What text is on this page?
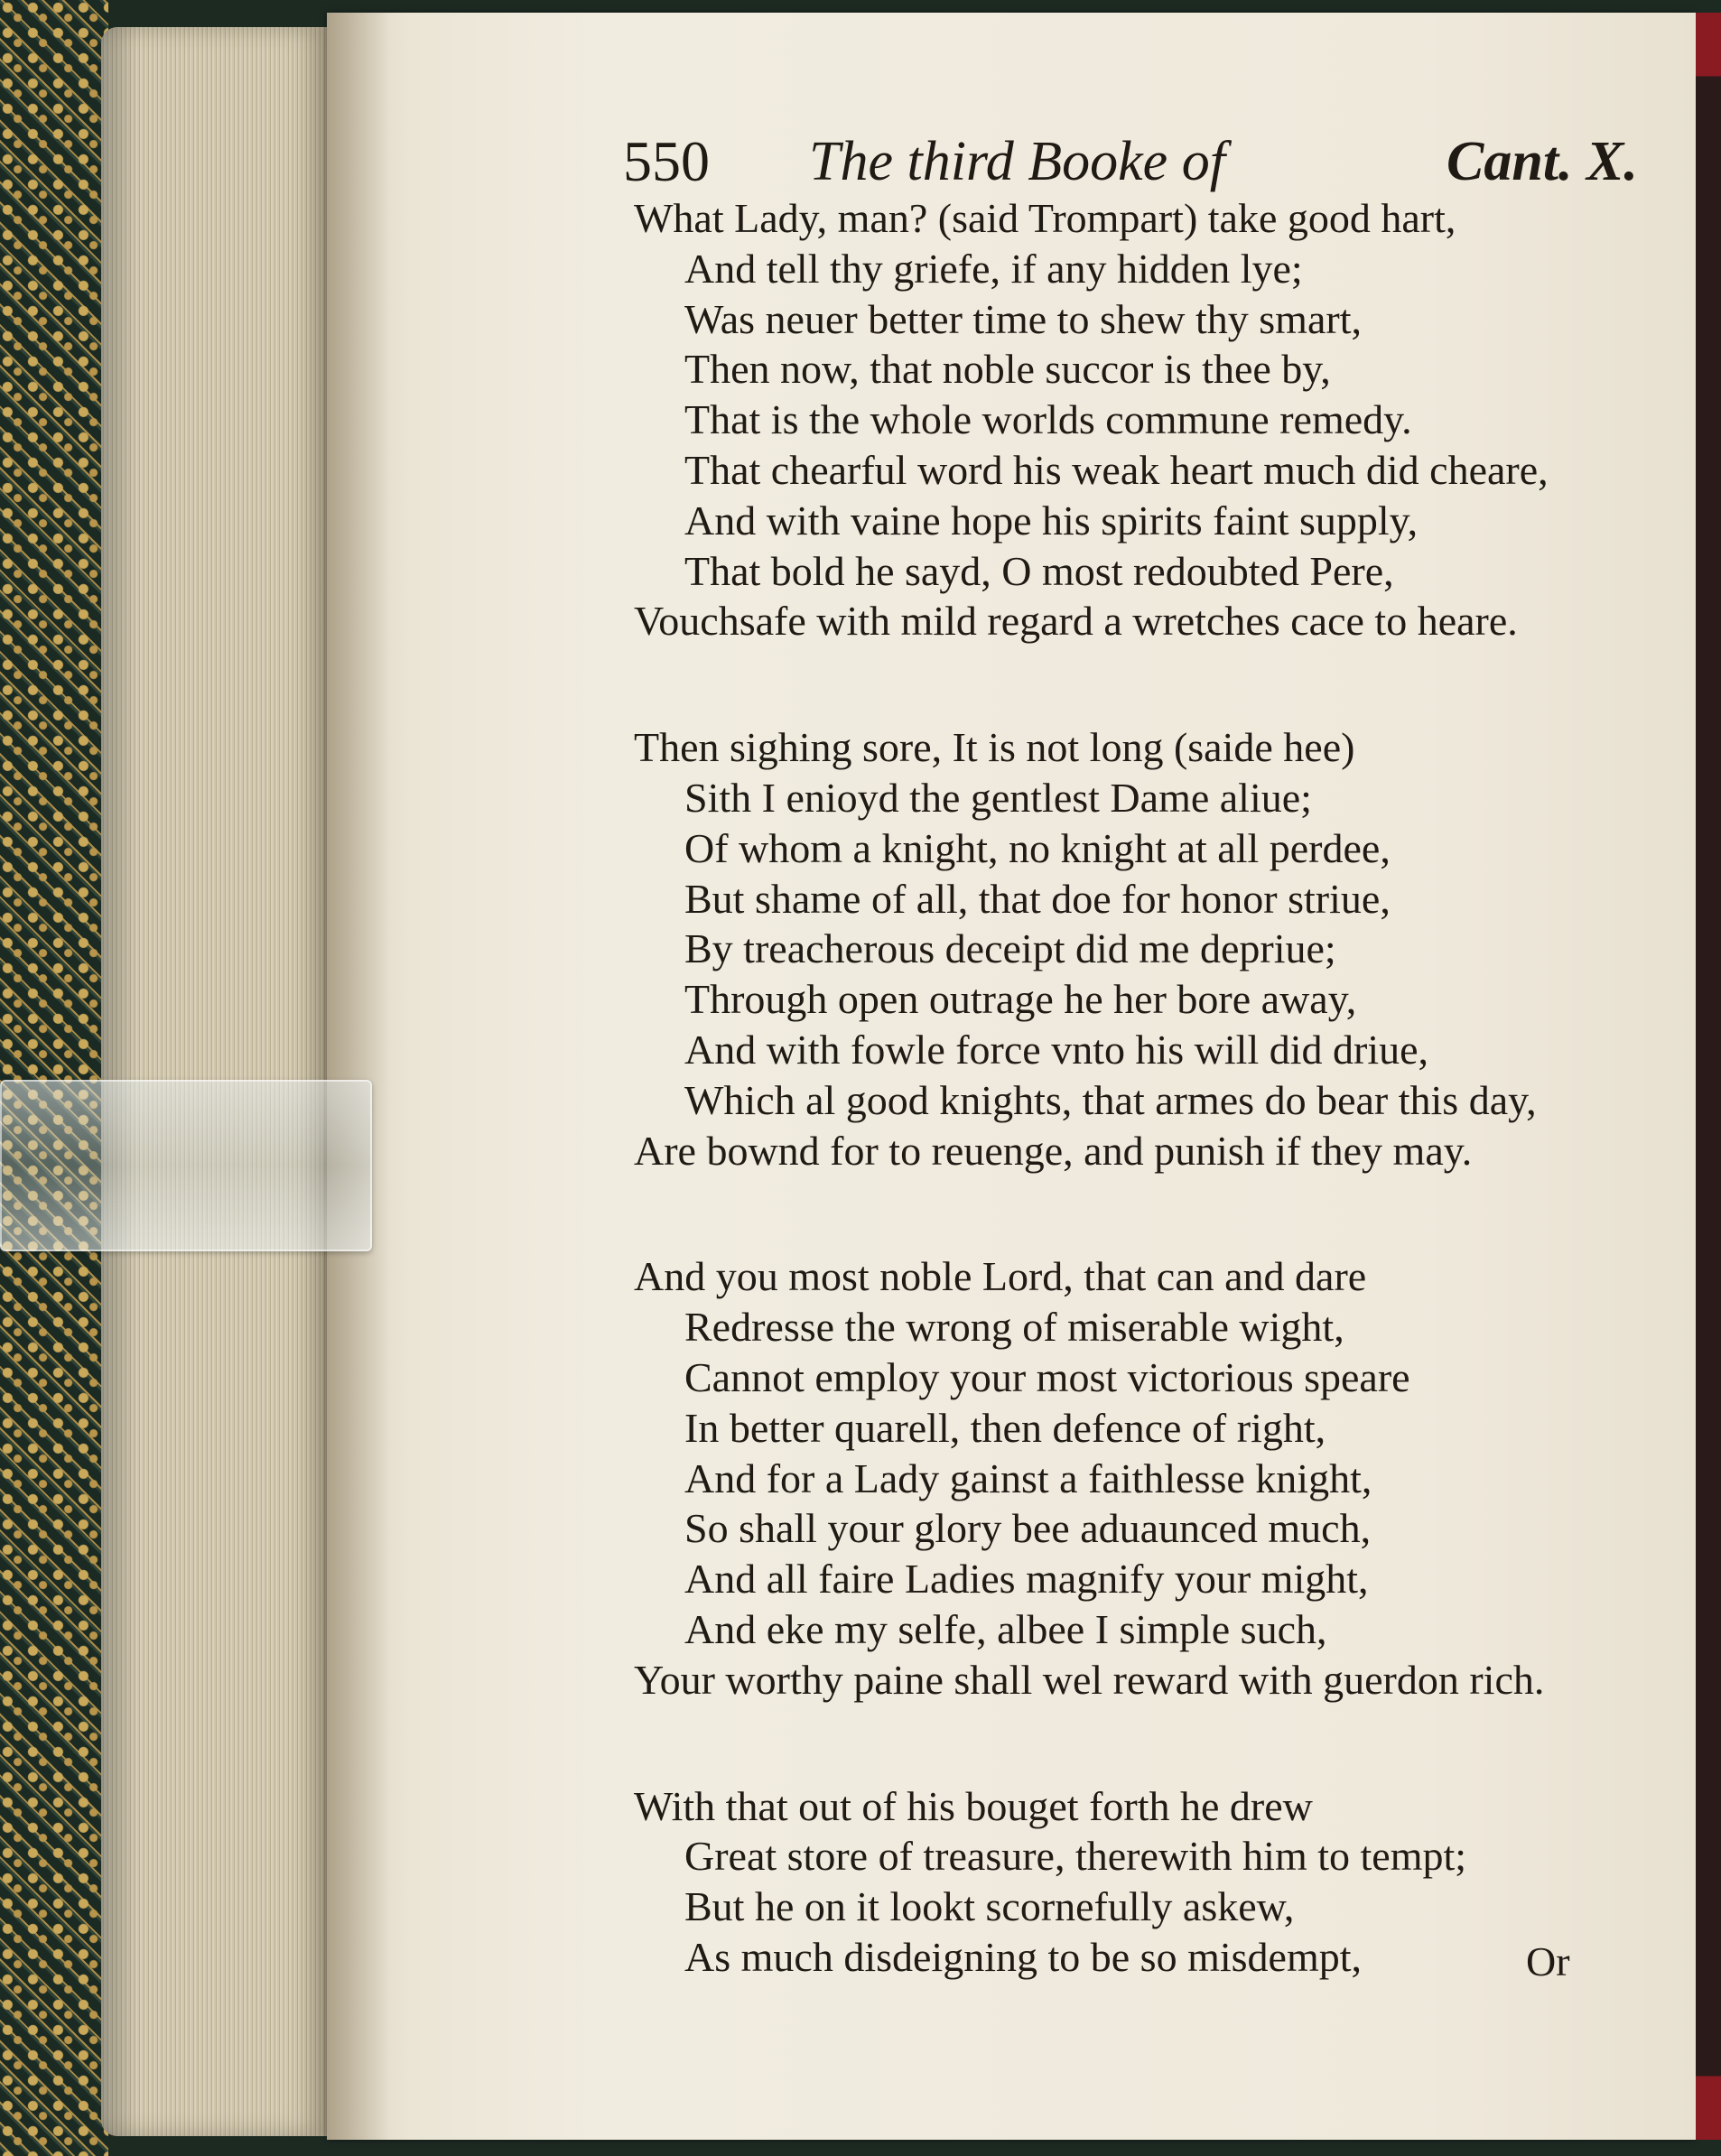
550 The third Booke of	Cant. X.
What Lady, man? (said Trompart) take good hart,
And tell thy griefe, if any hidden lye;
Was neuer better time to shew thy smart,
Then now, that noble succor is thee by,
That is the whole worlds commune remedy.
That chearful word his weak heart much did cheare,
And with vaine hope his spirits faint supply,
That bold he sayd, O most redoubted Pere,
Vouchsafe with mild regard a wretches cace to heare.
Then sighing sore, It is not long (saide hee)
Sith I enioyd the gentlest Dame aliue;
Of whom a knight, no knight at all perdee,
But shame of all, that doe for honor striue,
By treacherous deceipt did me depriue;
Through open outrage he her bore away,
And with fowle force vnto his will did driue,
Which al good knights, that armes do bear this day,
Are bownd for to reuenge, and punish if they may.
And you most noble Lord, that can and dare
Redresse the wrong of miserable wight,
Cannot employ your most victorious speare
In better quarell, then defence of right,
And for a Lady gainst a faithlesse knight,
So shall your glory bee aduaunced much,
And all faire Ladies magnify your might,
And eke my selfe, albee I simple such,
Your worthy paine shall wel reward with guerdon rich.
With that out of his bouget forth he drew
Great store of treasure, therewith him to tempt;
But he on it lookt scornefully askew,
As much disdeigning to be so misdempt,	Or
